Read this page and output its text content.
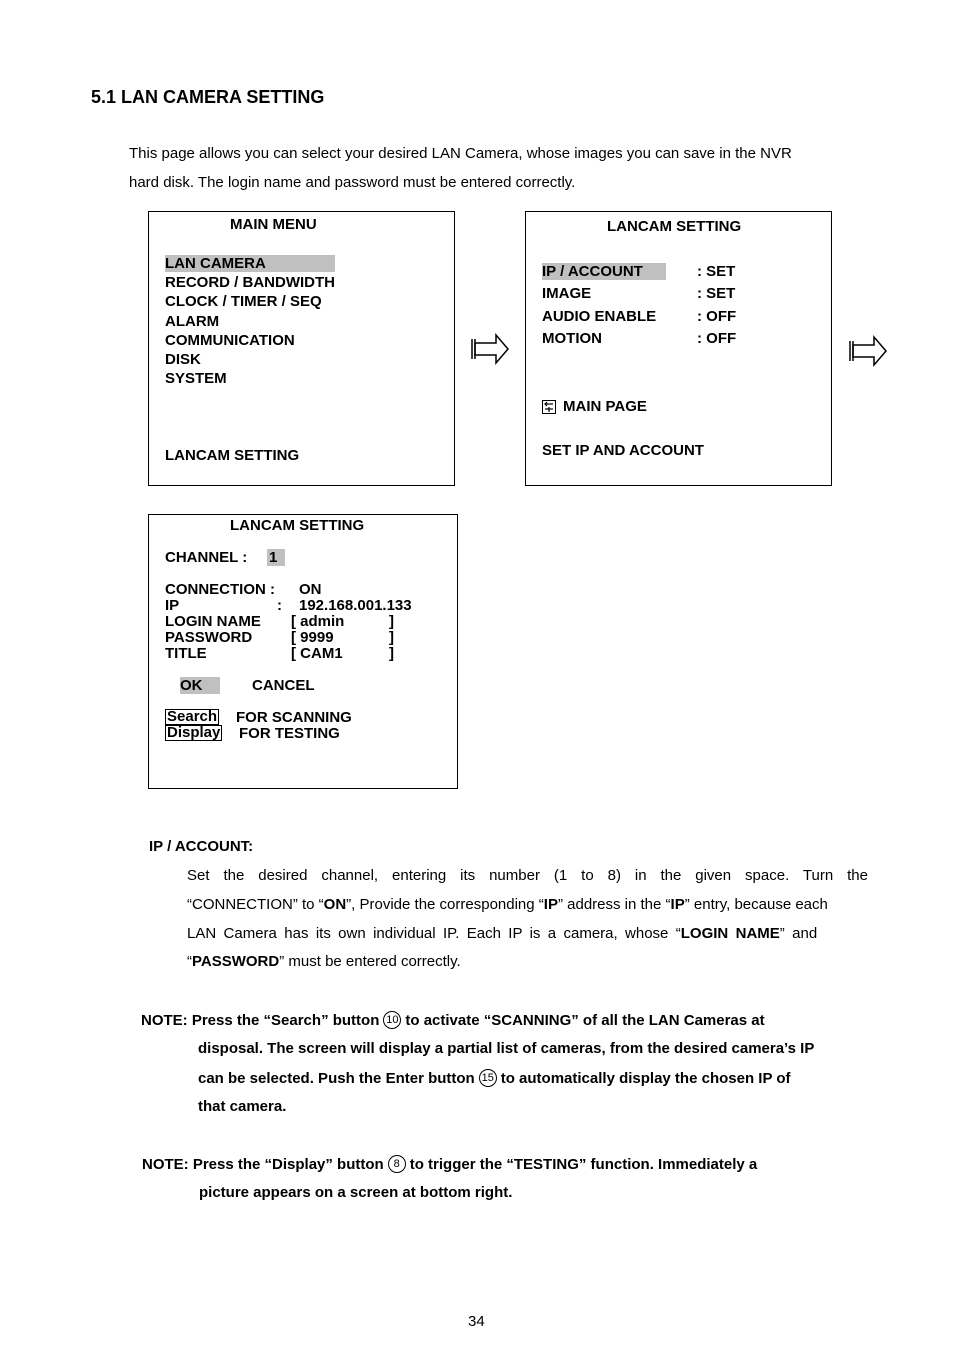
5.1 LAN CAMERA SETTING
This page allows you can select your desired LAN Camera, whose images you can save in the NVR
hard disk. The login name and password must be entered correctly.
MAIN MENU
LAN CAMERA
RECORD / BANDWIDTH
CLOCK / TIMER / SEQ
ALARM
COMMUNICATION
DISK
SYSTEM
LANCAM SETTING
LANCAM SETTING
IP / ACCOUNT	: SET
IMAGE	: SET
AUDIO ENABLE	: OFF
MOTION	: OFF
MAIN PAGE
SET IP AND ACCOUNT
LANCAM SETTING
CHANNEL : 1
CONNECTION : ON
IP	: 192.168.001.133
LOGIN NAME [ admin	]
PASSWORD	[ 9999	]
TITLE	[ CAM1	]
OK	CANCEL
Search FOR SCANNING
Display FOR TESTING
IP / ACCOUNT:
Set the desired channel, entering its number (1 to 8) in the given space. Turn the
“CONNECTION” to “ON”, Provide the corresponding “IP” address in the “IP” entry, because each
LAN Camera has its own individual IP. Each IP is a camera, whose “LOGIN NAME” and
“PASSWORD” must be entered correctly.
NOTE: Press the “Search” button 10 to activate “SCANNING” of all the LAN Cameras at
disposal. The screen will display a partial list of cameras, from the desired camera’s IP
can be selected. Push the Enter button 15 to automatically display the chosen IP of
that camera.
NOTE: Press the “Display” button 8 to trigger the “TESTING” function. Immediately a
picture appears on a screen at bottom right.
34
